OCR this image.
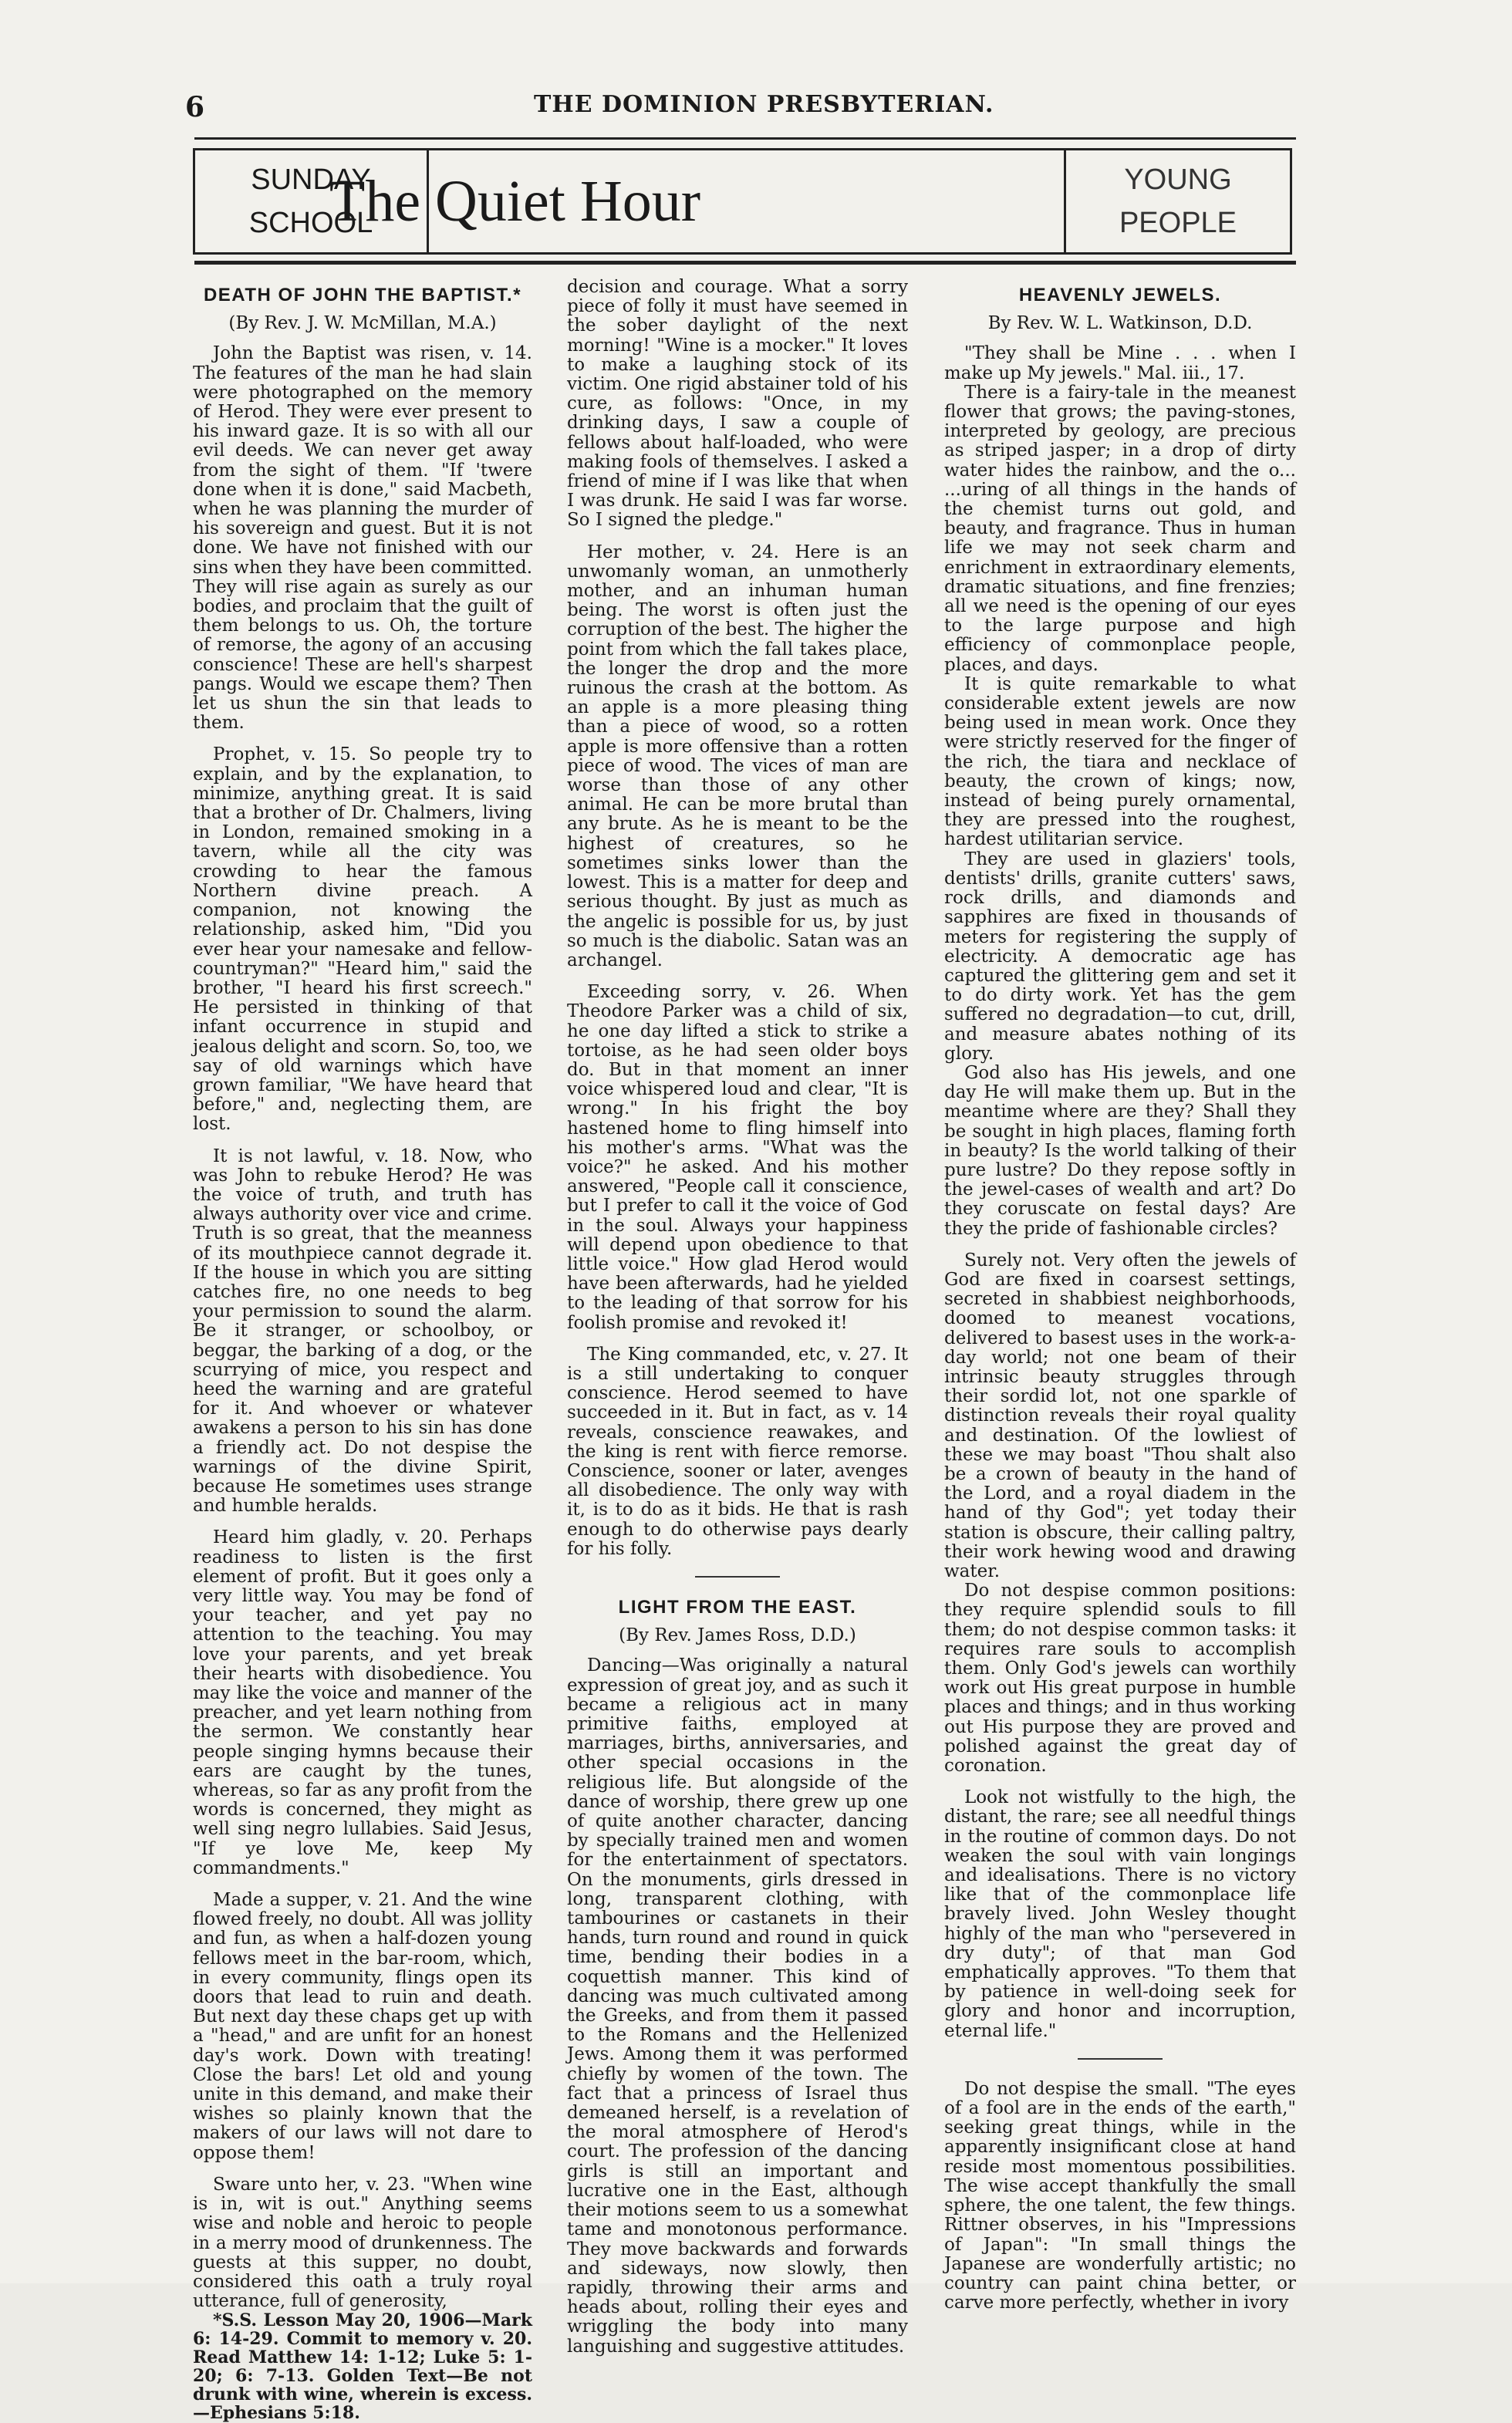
6	THE DOMINION PRESBYTERIAN.
SUNDAY
SCHOOL
The Quiet Hour	YOUNG
PEOPLE
DEATH OF JOHN THE BAPTIST.*
(By Rev. J. W. McMillan, M.A.)

John the Baptist was risen, v. 14. The features of the man he had slain were photographed on the memory of Herod. They were ever present to his inward gaze. It is so with all our evil deeds. We can never get away from the sight of them. "If 'twere done when it is done," said Macbeth, when he was planning the murder of his sovereign and guest. But it is not done. We have not finished with our sins when they have been committed. They will rise again as surely as our bodies, and proclaim that the guilt of them belongs to us. Oh, the torture of remorse, the agony of an accusing conscience! These are hell's sharpest pangs. Would we escape them? Then let us shun the sin that leads to them.

Prophet, v. 15. So people try to explain, and by the explanation, to minimize, anything great. It is said that a brother of Dr. Chalmers, living in London, remained smoking in a tavern, while all the city was crowding to hear the famous Northern divine preach. A companion, not knowing the relationship, asked him, "Did you ever hear your namesake and fellow-countryman?" "Heard him," said the brother, "I heard his first screech." He persisted in thinking of that infant occurrence in stupid and jealous delight and scorn. So, too, we say of old warnings which have grown familiar, "We have heard that before," and, neglecting them, are lost.

It is not lawful, v. 18. Now, who was John to rebuke Herod? He was the voice of truth, and truth has always authority over vice and crime. Truth is so great, that the meanness of its mouthpiece cannot degrade it. If the house in which you are sitting catches fire, no one needs to beg your permission to sound the alarm. Be it stranger, or schoolboy, or beggar, the barking of a dog, or the scurrying of mice, you respect and heed the warning and are grateful for it. And whoever or whatever awakens a person to his sin has done a friendly act. Do not despise the warnings of the divine Spirit, because He sometimes uses strange and humble heralds.

Heard him gladly, v. 20. Perhaps readiness to listen is the first element of profit. But it goes only a very little way. You may be fond of your teacher, and yet pay no attention to the teaching. You may love your parents, and yet break their hearts with disobedience. You may like the voice and manner of the preacher, and yet learn nothing from the sermon. We constantly hear people singing hymns because their ears are caught by the tunes, whereas, so far as any profit from the words is concerned, they might as well sing negro lullabies. Said Jesus, "If ye love Me, keep My commandments."

Made a supper, v. 21. And the wine flowed freely, no doubt. All was jollity and fun, as when a half-dozen young fellows meet in the bar-room, which, in every community, flings open its doors that lead to ruin and death. But next day these chaps get up with a "head," and are unfit for an honest day's work. Down with treating! Close the bars! Let old and young unite in this demand, and make their wishes so plainly known that the makers of our laws will not dare to oppose them!

Sware unto her, v. 23. "When wine is in, wit is out." Anything seems wise and noble and heroic to people in a merry mood of drunkenness. The guests at this supper, no doubt, considered this oath a truly royal utterance, full of generosity,

*S.S. Lesson May 20, 1906—Mark 6: 14-29. Commit to memory v. 20. Read Matthew 14: 1-12; Luke 5: 1-20; 6: 7-13. Golden Text—Be not drunk with wine, wherein is excess.—Ephesians 5:18.

decision and courage. What a sorry piece of folly it must have seemed in the sober daylight of the next morning! "Wine is a mocker." It loves to make a laughing stock of its victim. One rigid abstainer told of his cure, as follows: "Once, in my drinking days, I saw a couple of fellows about half-loaded, who were making fools of themselves. I asked a friend of mine if I was like that when I was drunk. He said I was far worse. So I signed the pledge."

Her mother, v. 24. Here is an unwomanly woman, an unmotherly mother, and an inhuman human being. The worst is often just the corruption of the best. The higher the point from which the fall takes place, the longer the drop and the more ruinous the crash at the bottom. As an apple is a more pleasing thing than a piece of wood, so a rotten apple is more offensive than a rotten piece of wood. The vices of man are worse than those of any other animal. He can be more brutal than any brute. As he is meant to be the highest of creatures, so he sometimes sinks lower than the lowest. This is a matter for deep and serious thought. By just as much as the angelic is possible for us, by just so much is the diabolic. Satan was an archangel.

Exceeding sorry, v. 26. When Theodore Parker was a child of six, he one day lifted a stick to strike a tortoise, as he had seen older boys do. But in that moment an inner voice whispered loud and clear, "It is wrong." In his fright the boy hastened home to fling himself into his mother's arms. "What was the voice?" he asked. And his mother answered, "People call it conscience, but I prefer to call it the voice of God in the soul. Always your happiness will depend upon obedience to that little voice." How glad Herod would have been afterwards, had he yielded to the leading of that sorrow for his foolish promise and revoked it!

The King commanded, etc, v. 27. It is a still undertaking to conquer conscience. Herod seemed to have succeeded in it. But in fact, as v. 14 reveals, conscience reawakes, and the king is rent with fierce remorse. Conscience, sooner or later, avenges all disobedience. The only way with it, is to do as it bids. He that is rash enough to do otherwise pays dearly for his folly.

LIGHT FROM THE EAST.
(By Rev. James Ross, D.D.)

Dancing—Was originally a natural expression of great joy, and as such it became a religious act in many primitive faiths, employed at marriages, births, anniversaries, and other special occasions in the religious life. But alongside of the dance of worship, there grew up one of quite another character, dancing by specially trained men and women for the entertainment of spectators. On the monuments, girls dressed in long, transparent clothing, with tambourines or castanets in their hands, turn round and round in quick time, bending their bodies in a coquettish manner. This kind of dancing was much cultivated among the Greeks, and from them it passed to the Romans and the Hellenized Jews. Among them it was performed chiefly by women of the town. The fact that a princess of Israel thus demeaned herself, is a revelation of the moral atmosphere of Herod's court. The profession of the dancing girls is still an important and lucrative one in the East, although their motions seem to us a somewhat tame and monotonous performance. They move backwards and forwards and sideways, now slowly, then rapidly, throwing their arms and heads about, rolling their eyes and wriggling the body into many languishing and suggestive attitudes.

HEAVENLY JEWELS.
By Rev. W. L. Watkinson, D.D.

"They shall be Mine . . . when I make up My jewels." Mal. iii., 17.

There is a fairy-tale in the meanest flower that grows; the paving-stones, interpreted by geology, are precious as striped jasper; in a drop of dirty water hides the rainbow, and the o... ...uring of all things in the hands of the chemist turns out gold, and beauty, and fragrance. Thus in human life we may not seek charm and enrichment in extraordinary elements, dramatic situations, and fine frenzies; all we need is the opening of our eyes to the large purpose and high efficiency of commonplace people, places, and days.

It is quite remarkable to what considerable extent jewels are now being used in mean work. Once they were strictly reserved for the finger of the rich, the tiara and necklace of beauty, the crown of kings; now, instead of being purely ornamental, they are pressed into the roughest, hardest utilitarian service.

They are used in glaziers' tools, dentists' drills, granite cutters' saws, rock drills, and diamonds and sapphires are fixed in thousands of meters for registering the supply of electricity. A democratic age has captured the glittering gem and set it to do dirty work. Yet has the gem suffered no degradation—to cut, drill, and measure abates nothing of its glory.

God also has His jewels, and one day He will make them up. But in the meantime where are they? Shall they be sought in high places, flaming forth in beauty? Is the world talking of their pure lustre? Do they repose softly in the jewel-cases of wealth and art? Do they coruscate on festal days? Are they the pride of fashionable circles?

Surely not. Very often the jewels of God are fixed in coarsest settings, secreted in shabbiest neighborhoods, doomed to meanest vocations, delivered to basest uses in the work-a-day world; not one beam of their intrinsic beauty struggles through their sordid lot, not one sparkle of distinction reveals their royal quality and destination. Of the lowliest of these we may boast "Thou shalt also be a crown of beauty in the hand of the Lord, and a royal diadem in the hand of thy God"; yet today their station is obscure, their calling paltry, their work hewing wood and drawing water.

Do not despise common positions: they require splendid souls to fill them; do not despise common tasks: it requires rare souls to accomplish them. Only God's jewels can worthily work out His great purpose in humble places and things; and in thus working out His purpose they are proved and polished against the great day of coronation.

Look not wistfully to the high, the distant, the rare; see all needful things in the routine of common days. Do not weaken the soul with vain longings and idealisations. There is no victory like that of the commonplace life bravely lived. John Wesley thought highly of the man who "persevered in dry duty"; of that man God emphatically approves. "To them that by patience in well-doing seek for glory and honor and incorruption, eternal life."

Do not despise the small. "The eyes of a fool are in the ends of the earth," seeking great things, while in the apparently insignificant close at hand reside most momentous possibilities. The wise accept thankfully the small sphere, the one talent, the few things. Rittner observes, in his "Impressions of Japan": "In small things the Japanese are wonderfully artistic; no country can paint china better, or carve more perfectly, whether in ivory
